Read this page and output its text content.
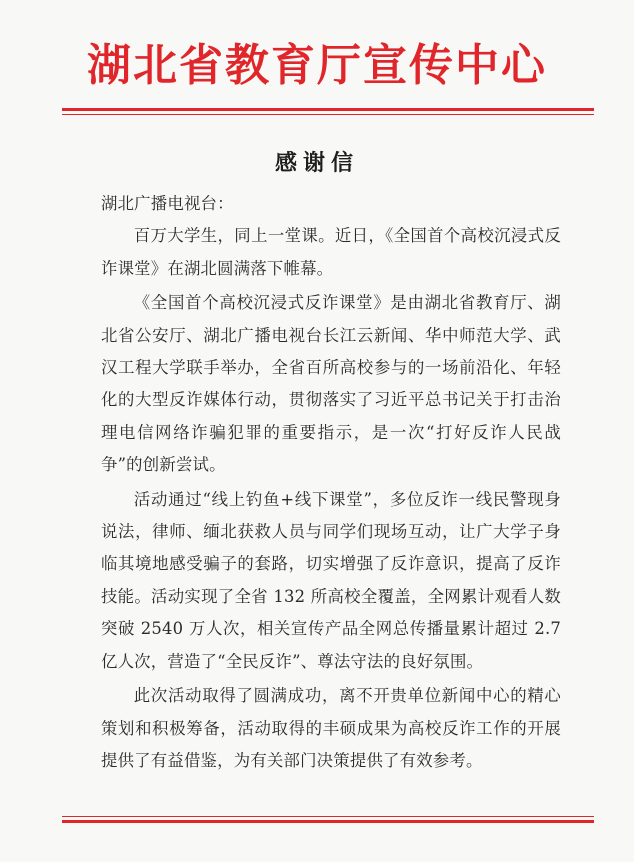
湖北省教育厅宣传中心
感谢信

湖北广播电视台：

百万大学生，同上一堂课。近日，《全国首个高校沉浸式反诈课堂》在湖北圆满落下帷幕。

《全国首个高校沉浸式反诈课堂》是由湖北省教育厅、湖北省公安厅、湖北广播电视台长江云新闻、华中师范大学、武汉工程大学联手举办，全省百所高校参与的一场前沿化、年轻化的大型反诈媒体行动，贯彻落实了习近平总书记关于打击治理电信网络诈骗犯罪的重要指示，是一次“打好反诈人民战争”的创新尝试。

活动通过“线上钓鱼+线下课堂”，多位反诈一线民警现身说法，律师、缅北获救人员与同学们现场互动，让广大学子身临其境地感受骗子的套路，切实增强了反诈意识，提高了反诈技能。活动实现了全省 132 所高校全覆盖，全网累计观看人数突破 2540 万人次，相关宣传产品全网总传播量累计超过 2.7 亿人次，营造了“全民反诈”、尊法守法的良好氛围。

此次活动取得了圆满成功，离不开贵单位新闻中心的精心策划和积极筹备，活动取得的丰硕成果为高校反诈工作的开展提供了有益借鉴，为有关部门决策提供了有效参考。
